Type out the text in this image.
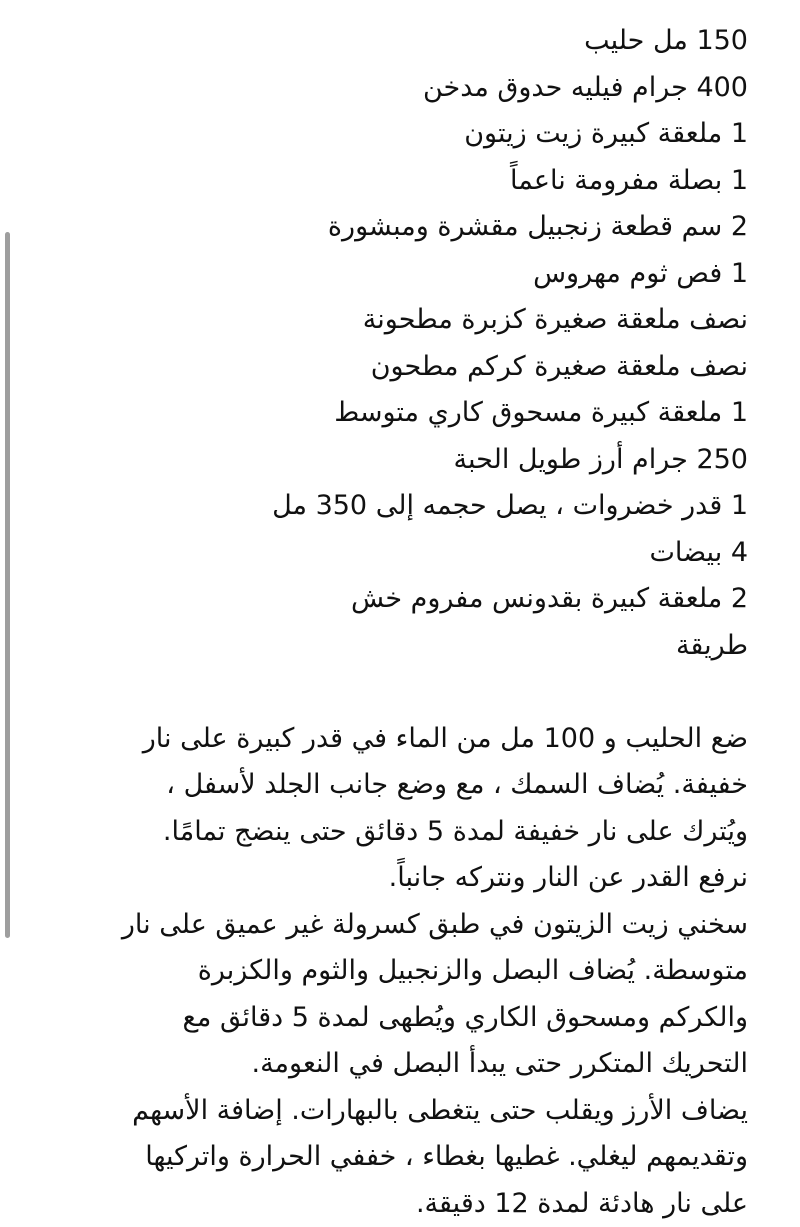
150 مل حليب
400 جرام فيليه حدوق مدخن
1 ملعقة كبيرة زيت زيتون
1 بصلة مفرومة ناعماً
2 سم قطعة زنجبيل مقشرة ومبشورة
1 فص ثوم مهروس
نصف ملعقة صغيرة كزبرة مطحونة
نصف ملعقة صغيرة كركم مطحون
1 ملعقة كبيرة مسحوق كاري متوسط
250 جرام أرز طويل الحبة
1 قدر خضروات ، يصل حجمه إلى 350 مل
4 بيضات
2 ملعقة كبيرة بقدونس مفروم خش
طريقة
ضع الحليب و 100 مل من الماء في قدر كبيرة على نار
خفيفة. يُضاف السمك ، مع وضع جانب الجلد لأسفل ،
ويُترك على نار خفيفة لمدة 5 دقائق حتى ينضج تمامًا.
نرفع القدر عن النار ونتركه جانباً.
سخني زيت الزيتون في طبق كسرولة غير عميق على نار
متوسطة. يُضاف البصل والزنجبيل والثوم والكزبرة
والكركم ومسحوق الكاري ويُطهى لمدة 5 دقائق مع
التحريك المتكرر حتى يبدأ البصل في النعومة.
يضاف الأرز ويقلب حتى يتغطى بالبهارات. إضافة الأسهم
وتقديمهم ليغلي. غطيها بغطاء ، خففي الحرارة واتركيها
على نار هادئة لمدة 12 دقيقة.
